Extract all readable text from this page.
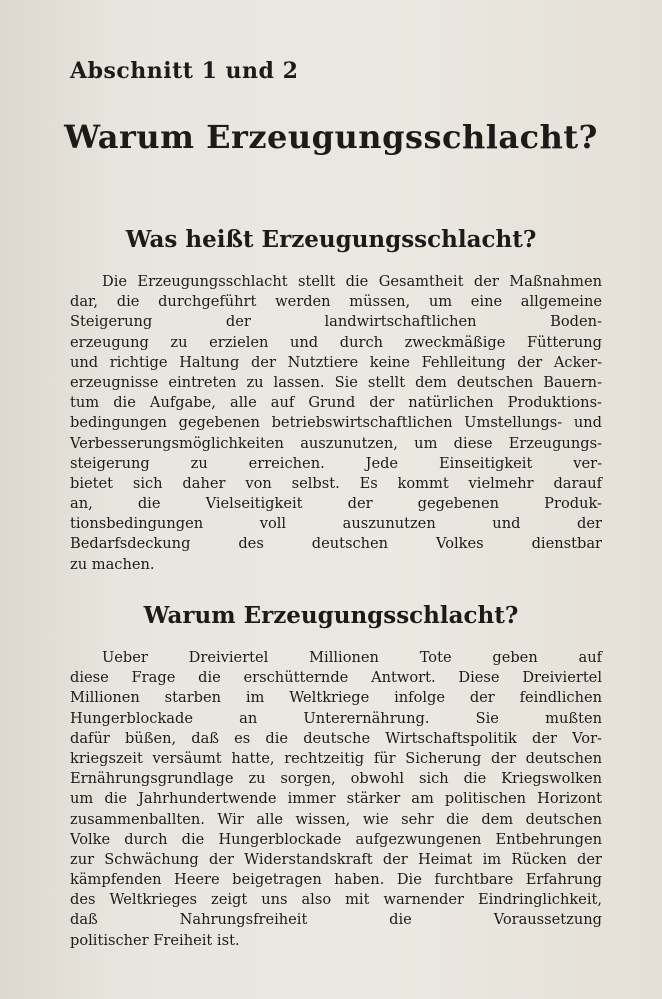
Abschnitt 1 und 2
Warum Erzeugungsschlacht?
Was heißt Erzeugungsschlacht?
Die Erzeugungsschlacht stellt die Gesamtheit der Maßnahmen
dar, die durchgeführt werden müssen, um eine allgemeine
Steigerung der landwirtschaftlichen Boden-
erzeugung zu erzielen und durch zweckmäßige Fütterung
und richtige Haltung der Nutztiere keine Fehlleitung der Acker-
erzeugnisse eintreten zu lassen. Sie stellt dem deutschen Bauern-
tum die Aufgabe, alle auf Grund der natürlichen Produktions-
bedingungen gegebenen betriebswirtschaftlichen Umstellungs- und
Verbesserungsmöglichkeiten auszunutzen, um diese Erzeugungs-
steigerung zu erreichen. Jede Einseitigkeit ver-
bietet sich daher von selbst. Es kommt vielmehr darauf
an, die Vielseitigkeit der gegebenen Produk-
tionsbedingungen voll auszunutzen und der
Bedarfsdeckung des deutschen Volkes dienstbar
zu machen.
Warum Erzeugungsschlacht?
Ueber Dreiviertel Millionen Tote geben auf
diese Frage die erschütternde Antwort. Diese Dreiviertel
Millionen starben im Weltkriege infolge der feindlichen
Hungerblockade an Unterernährung. Sie mußten
dafür büßen, daß es die deutsche Wirtschaftspolitik der Vor-
kriegszeit versäumt hatte, rechtzeitig für Sicherung der deutschen
Ernährungsgrundlage zu sorgen, obwohl sich die Kriegswolken
um die Jahrhundertwende immer stärker am politischen Horizont
zusammenballten. Wir alle wissen, wie sehr die dem deutschen
Volke durch die Hungerblockade aufgezwungenen Entbehrungen
zur Schwächung der Widerstandskraft der Heimat im Rücken der
kämpfenden Heere beigetragen haben. Die furchtbare Erfahrung
des Weltkrieges zeigt uns also mit warnender Eindringlichkeit,
daß Nahrungsfreiheit die Voraussetzung
politischer Freiheit ist.
